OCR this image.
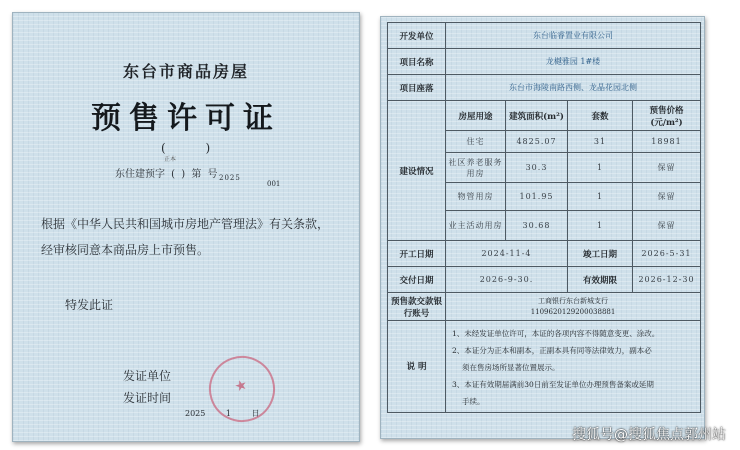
东台市商品房屋

预售许可证

( )

正本

东住建预字 ( ) 第 号 2025

001

根据《中华人民共和国城市房地产管理法》有关条款，经审核同意本商品房上市预售。

特发此证

发证单位

发证时间

2025 1 日

★
开发单位	东台临睿置业有限公司			
项目名称	龙樾雅园 1#楼			
项目座落	东台市海陵南路西侧、龙晶花园北侧			
建设情况	房屋用途	建筑面积(m²)	套数	预售价格(元/m²)
	住宅	4825.07	31	18981
	社区养老服务用房	30.3	1	保留
	物管用房	101.95	1	保留
	业主活动用房	30.68	1	保留
开工日期	2024-11-4		竣工日期	2026-5-31
交付日期	2026-9-30.		有效期限	2026-12-30
预售款交款银行账号	工商银行东台新城支行
1109620129200038881			

说 明	1、未经发证单位许可，本证的各项内容不得随意变更、涂改。
2、本证分为正本和副本，正副本具有同等法律效力，副本必
须在售房场所显著位置展示。
3、本证有效期届满前30日前至发证单位办理预售备案或延期
手续。			
搜狐号@搜狐焦点郭州站
